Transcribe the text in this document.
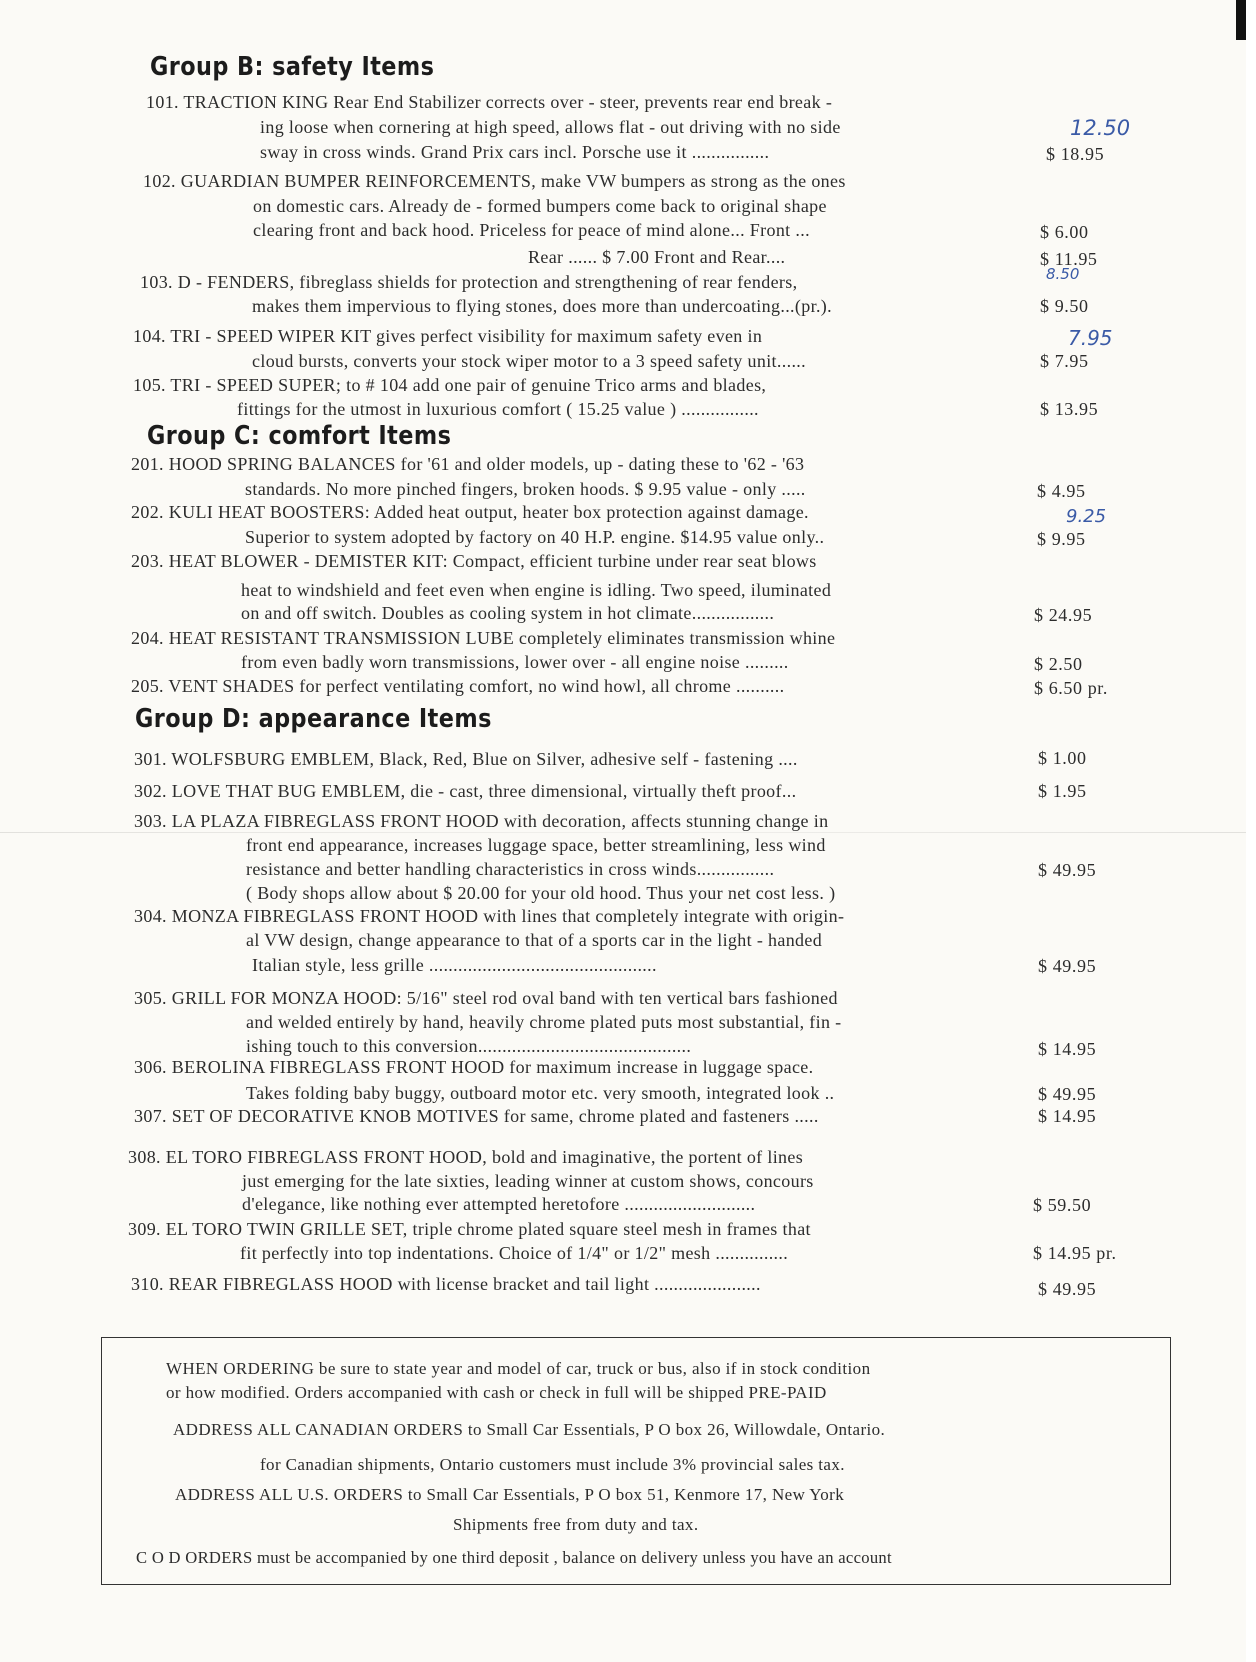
Group B: safety Items
101. TRACTION KING Rear End Stabilizer corrects over - steer, prevents rear end break -
ing loose when cornering at high speed, allows flat - out driving with no side
sway in cross winds. Grand Prix cars incl. Porsche use it ................	$ 18.95
12.50
102. GUARDIAN BUMPER REINFORCEMENTS, make VW bumpers as strong as the ones
on domestic cars. Already de - formed bumpers come back to original shape
clearing front and back hood. Priceless for peace of mind alone... Front ...	$ 6.00
Rear ...... $ 7.00 Front and Rear....	$ 11.95
8.50
103. D - FENDERS, fibreglass shields for protection and strengthening of rear fenders,
makes them impervious to flying stones, does more than undercoating...(pr.).	$ 9.50
104. TRI - SPEED WIPER KIT gives perfect visibility for maximum safety even in
cloud bursts, converts your stock wiper motor to a 3 speed safety unit......	$ 7.95
7.95
105. TRI - SPEED SUPER; to # 104 add one pair of genuine Trico arms and blades,
fittings for the utmost in luxurious comfort ( 15.25 value ) ................	$ 13.95
Group C: comfort Items
201. HOOD SPRING BALANCES for '61 and older models, up - dating these to '62 - '63
standards. No more pinched fingers, broken hoods. $ 9.95 value - only .....	$ 4.95
202. KULI HEAT BOOSTERS: Added heat output, heater box protection against damage.
Superior to system adopted by factory on 40 H.P. engine. $14.95 value only..	$ 9.95
9.25
203. HEAT BLOWER - DEMISTER KIT: Compact, efficient turbine under rear seat blows
heat to windshield and feet even when engine is idling. Two speed, iluminated
on and off switch. Doubles as cooling system in hot climate.................	$ 24.95
204. HEAT RESISTANT TRANSMISSION LUBE completely eliminates transmission whine
from even badly worn transmissions, lower over - all engine noise .........	$ 2.50
205. VENT SHADES for perfect ventilating comfort, no wind howl, all chrome ..........	$ 6.50 pr.
Group D: appearance Items
301. WOLFSBURG EMBLEM, Black, Red, Blue on Silver, adhesive self - fastening ....	$ 1.00
302. LOVE THAT BUG EMBLEM, die - cast, three dimensional, virtually theft proof...	$ 1.95
303. LA PLAZA FIBREGLASS FRONT HOOD with decoration, affects stunning change in
front end appearance, increases luggage space, better streamlining, less wind
resistance and better handling characteristics in cross winds................	$ 49.95
( Body shops allow about $ 20.00 for your old hood. Thus your net cost less. )
304. MONZA FIBREGLASS FRONT HOOD with lines that completely integrate with origin-
al VW design, change appearance to that of a sports car in the light - handed
Italian style, less grille ...............................................	$ 49.95
305. GRILL FOR MONZA HOOD: 5/16" steel rod oval band with ten vertical bars fashioned
and welded entirely by hand, heavily chrome plated puts most substantial, fin -
ishing touch to this conversion............................................	$ 14.95
306. BEROLINA FIBREGLASS FRONT HOOD for maximum increase in luggage space.
Takes folding baby buggy, outboard motor etc. very smooth, integrated look ..	$ 49.95
307. SET OF DECORATIVE KNOB MOTIVES for same, chrome plated and fasteners .....	$ 14.95
308. EL TORO FIBREGLASS FRONT HOOD, bold and imaginative, the portent of lines
just emerging for the late sixties, leading winner at custom shows, concours
d'elegance, like nothing ever attempted heretofore ...........................	$ 59.50
309. EL TORO TWIN GRILLE SET, triple chrome plated square steel mesh in frames that
fit perfectly into top indentations. Choice of 1/4" or 1/2" mesh ...............	$ 14.95 pr.
310. REAR FIBREGLASS HOOD with license bracket and tail light ......................	$ 49.95
WHEN ORDERING be sure to state year and model of car, truck or bus, also if in stock condition
or how modified. Orders accompanied with cash or check in full will be shipped PRE-PAID
ADDRESS ALL CANADIAN ORDERS to Small Car Essentials, P O box 26, Willowdale, Ontario.
for Canadian shipments, Ontario customers must include 3% provincial sales tax.
ADDRESS ALL U.S. ORDERS to Small Car Essentials, P O box 51, Kenmore 17, New York
Shipments free from duty and tax.
C O D ORDERS must be accompanied by one third deposit , balance on delivery unless you have an account
